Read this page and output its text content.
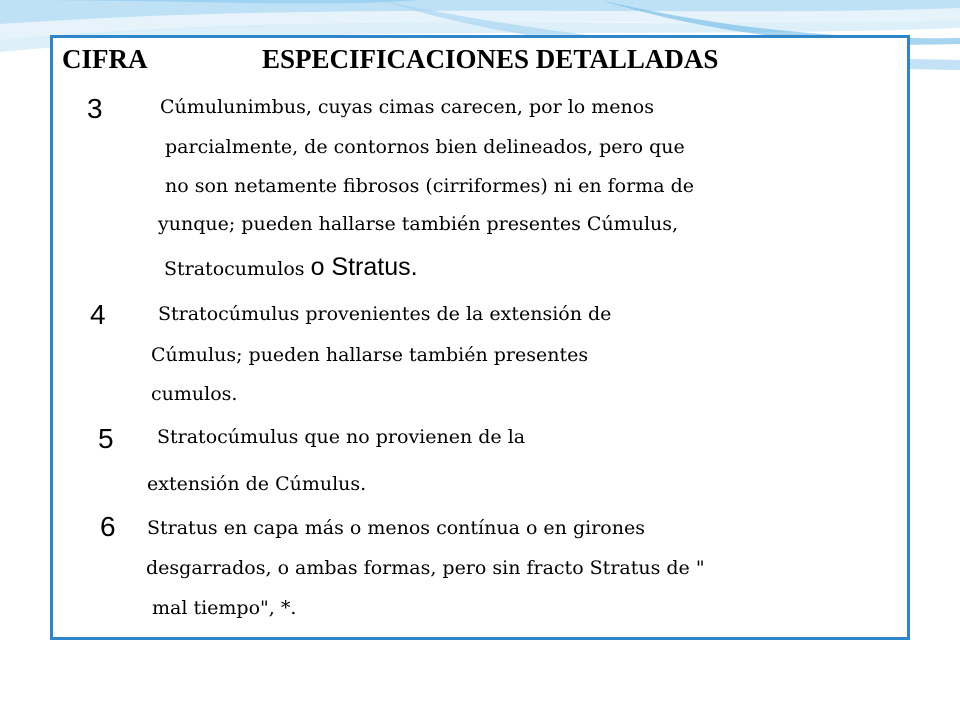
CIFRA	ESPECIFICACIONES DETALLADAS
3	Cúmulunimbus, cuyas cimas carecen, por lo menos
parcialmente, de contornos bien delineados, pero que
no son netamente fibrosos (cirriformes) ni en forma de
yunque; pueden hallarse también presentes Cúmulus,
Stratocumulos o Stratus.
4	Stratocúmulus provenientes de la extensión de
Cúmulus; pueden hallarse también presentes
cumulos.
5 Stratocúmulus que no provienen de la
extensión de Cúmulus.
6 Stratus en capa más o menos contínua o en girones
desgarrados, o ambas formas, pero sin fracto Stratus de "
mal tiempo", *.
